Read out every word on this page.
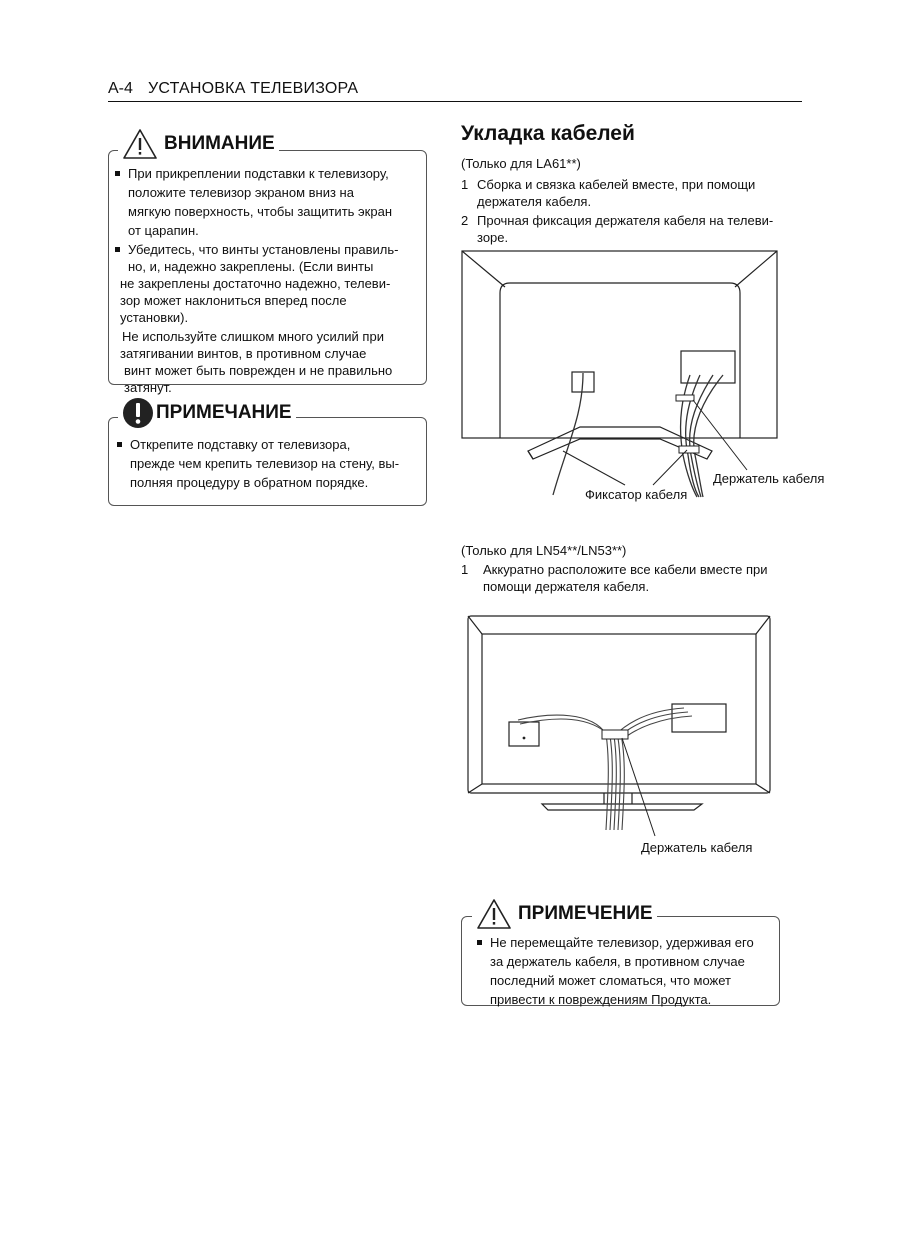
A-4 УСТАНОВКА ТЕЛЕВИЗОРА
ВНИМАНИЕ

При прикреплении подставки к телевизору,

положите телевизор экраном вниз на

мягкую поверхность, чтобы защитить экран

от царапин.

Убедитесь, что винты установлены правиль-

но, и, надежно закреплены. (Если винты

не закреплены достаточно надежно, телеви-

зор может наклониться вперед после

установки).

Не используйте слишком много усилий при

затягивании винтов, в противном случае

винт может быть поврежден и не правильно

затянут.

ПРИМЕЧАНИЕ

Открепите подставку от телевизора,

прежде чем крепить телевизор на стену, вы-

полняя процедуру в обратном порядке.

Укладка кабелей
(Только для LA61**)

1 Сборка и связка кабелей вместе, при помощи

держателя кабеля.

2 Прочная фиксация держателя кабеля на телеви-

зоре.

Фиксатор кабеля
Держатель кабеля
(Только для LN54**/LN53**)

1 Аккуратно расположите все кабели вместе при

помощи держателя кабеля.

Держатель кабеля
ПРИМЕЧЕНИЕ

Не перемещайте телевизор, удерживая его

за держатель кабеля, в противном случае

последний может сломаться, что может

привести к повреждениям Продукта.
